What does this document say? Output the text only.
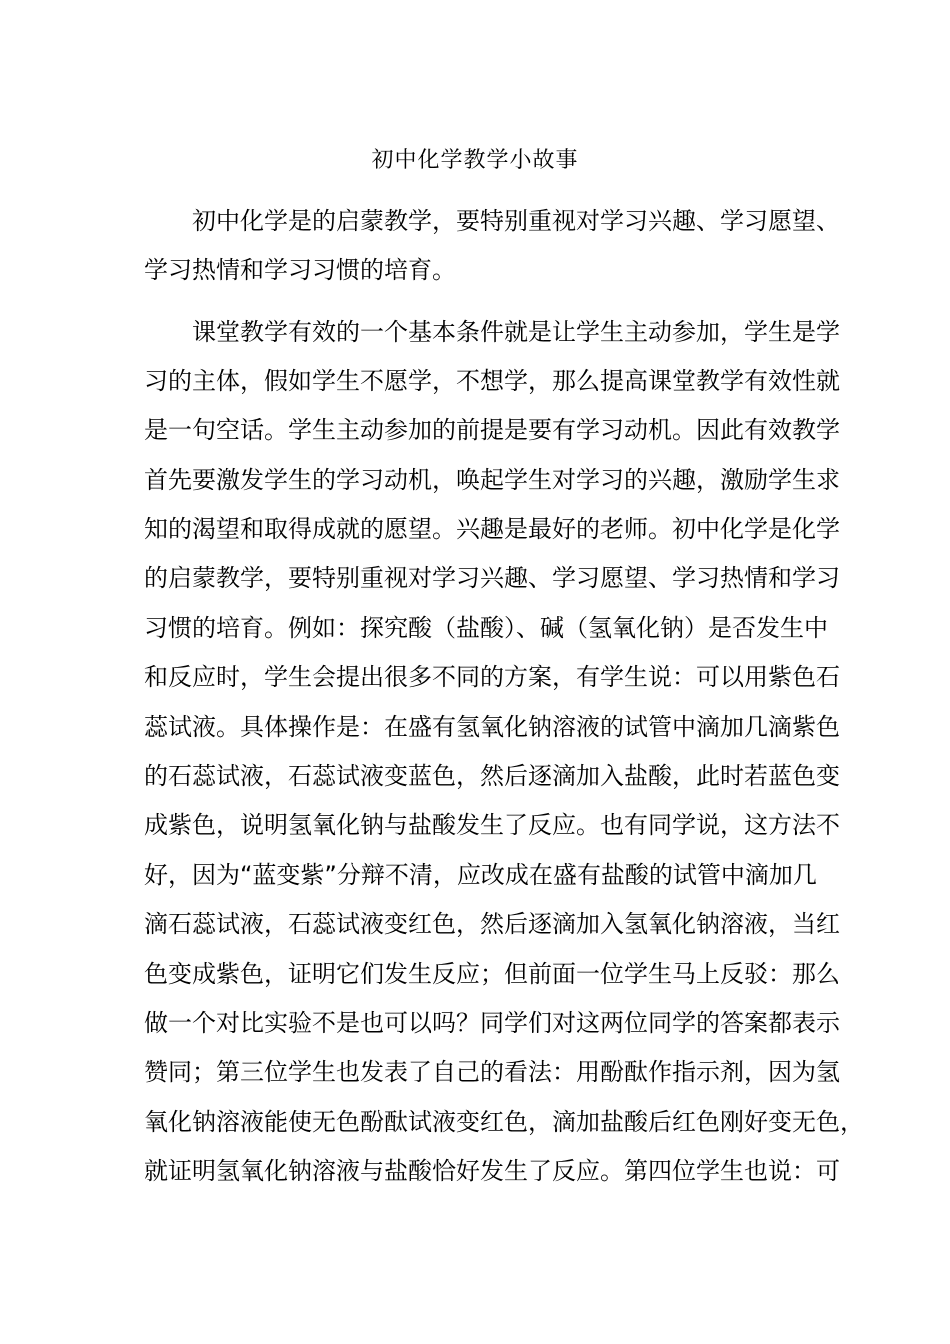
初中化学教学小故事
初中化学是的启蒙教学，要特别重视对学习兴趣、学习愿望、
学习热情和学习习惯的培育。
课堂教学有效的一个基本条件就是让学生主动参加，学生是学
习的主体，假如学生不愿学，不想学，那么提高课堂教学有效性就
是一句空话。学生主动参加的前提是要有学习动机。因此有效教学
首先要激发学生的学习动机，唤起学生对学习的兴趣，激励学生求
知的渴望和取得成就的愿望。兴趣是最好的老师。初中化学是化学
的启蒙教学，要特别重视对学习兴趣、学习愿望、学习热情和学习
习惯的培育。例如：探究酸（盐酸）、碱（氢氧化钠）是否发生中
和反应时，学生会提出很多不同的方案，有学生说：可以用紫色石
蕊试液。具体操作是：在盛有氢氧化钠溶液的试管中滴加几滴紫色
的石蕊试液，石蕊试液变蓝色，然后逐滴加入盐酸，此时若蓝色变
成紫色，说明氢氧化钠与盐酸发生了反应。也有同学说，这方法不
好，因为“蓝变紫”分辩不清，应改成在盛有盐酸的试管中滴加几
滴石蕊试液，石蕊试液变红色，然后逐滴加入氢氧化钠溶液，当红
色变成紫色，证明它们发生反应；但前面一位学生马上反驳：那么
做一个对比实验不是也可以吗？同学们对这两位同学的答案都表示
赞同；第三位学生也发表了自己的看法：用酚酞作指示剂，因为氢
氧化钠溶液能使无色酚酞试液变红色，滴加盐酸后红色刚好变无色，
就证明氢氧化钠溶液与盐酸恰好发生了反应。第四位学生也说：可
